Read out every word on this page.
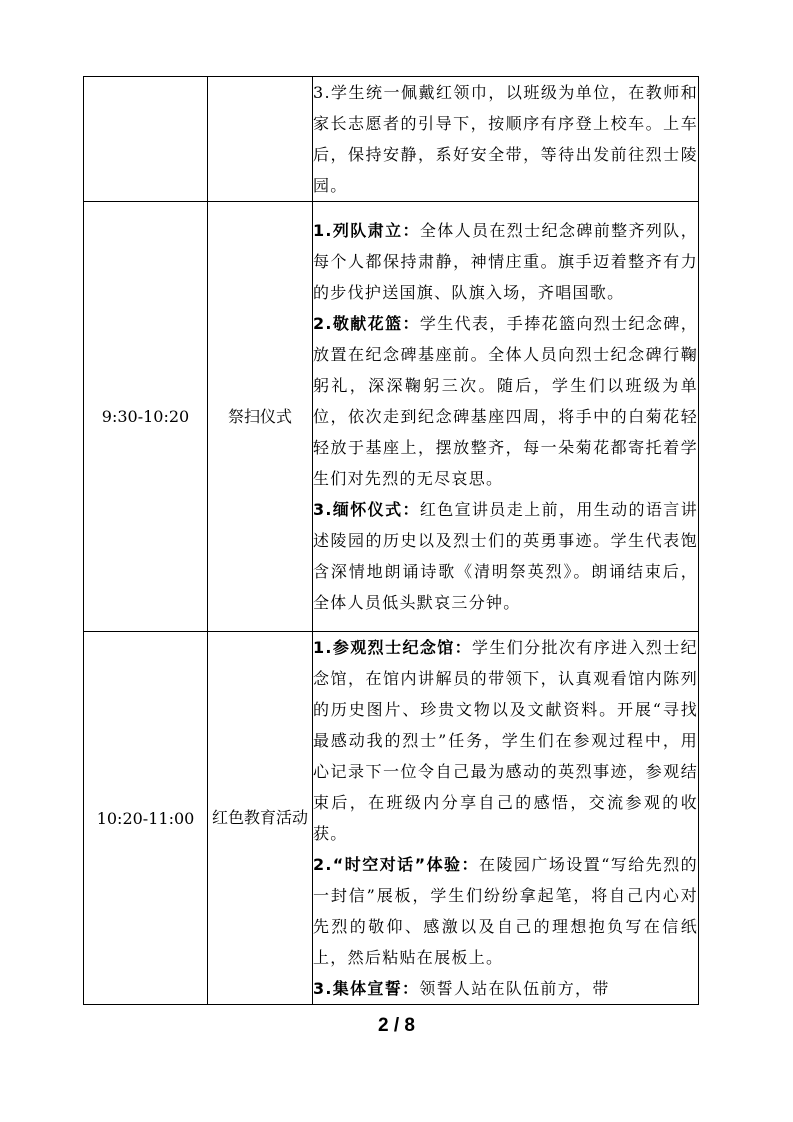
		3.学生统一佩戴红领巾，以班级为单位，在教师和家长志愿者的引导下，按顺序有序登上校车。上车后，保持安静，系好安全带，等待出发前往烈士陵园。

9:30-10:20	祭扫仪式	1.列队肃立：全体人员在烈士纪念碑前整齐列队，每个人都保持肃静，神情庄重。旗手迈着整齐有力的步伐护送国旗、队旗入场，齐唱国歌。

2.敬献花篮：学生代表，手捧花篮向烈士纪念碑，放置在纪念碑基座前。全体人员向烈士纪念碑行鞠躬礼，深深鞠躬三次。随后，学生们以班级为单位，依次走到纪念碑基座四周，将手中的白菊花轻轻放于基座上，摆放整齐，每一朵菊花都寄托着学生们对先烈的无尽哀思。

3.缅怀仪式：红色宣讲员走上前，用生动的语言讲述陵园的历史以及烈士们的英勇事迹。学生代表饱含深情地朗诵诗歌《清明祭英烈》。朗诵结束后，全体人员低头默哀三分钟。

10:20-11:00	红色教育活动	1.参观烈士纪念馆：学生们分批次有序进入烈士纪念馆，在馆内讲解员的带领下，认真观看馆内陈列的历史图片、珍贵文物以及文献资料。开展“寻找最感动我的烈士”任务，学生们在参观过程中，用心记录下一位令自己最为感动的英烈事迹，参观结束后，在班级内分享自己的感悟，交流参观的收获。

2.“时空对话”体验：在陵园广场设置“写给先烈的一封信”展板，学生们纷纷拿起笔，将自己内心对先烈的敬仰、感激以及自己的理想抱负写在信纸上，然后粘贴在展板上。

3.集体宣誓：领誓人站在队伍前方，带

2 / 8
